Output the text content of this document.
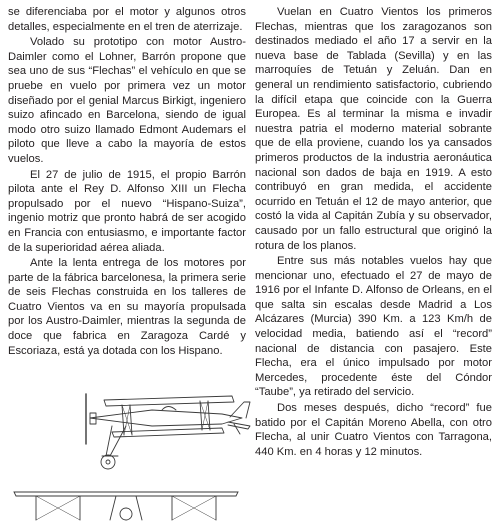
se diferenciaba por el motor y algunos otros detalles, especialmente en el tren de aterrizaje.

Volado su prototipo con motor Austro-Daimler como el Lohner, Barrón propone que sea uno de sus “Flechas” el vehículo en que se pruebe en vuelo por primera vez un motor diseñado por el genial Marcus Birkigt, ingeniero suizo afincado en Barcelona, siendo de igual modo otro suizo llamado Edmont Audemars el piloto que lleve a cabo la mayoría de estos vuelos.

El 27 de julio de 1915, el propio Barrón pilota ante el Rey D. Alfonso XIII un Flecha propulsado por el nuevo “Hispano-Suiza”, ingenio motriz que pronto habrá de ser acogido en Francia con entusiasmo, e importante factor de la superioridad aérea aliada.

Ante la lenta entrega de los motores por parte de la fábrica barcelonesa, la primera serie de seis Flechas construida en los talleres de Cuatro Vientos va en su mayoría propulsada por los Austro-Daimler, mientras la segunda de doce que fabrica en Zaragoza Cardé y Escoriaza, está ya dotada con los Hispano.

Vuelan en Cuatro Vientos los primeros Flechas, mientras que los zaragozanos son destinados mediado el año 17 a servir en la nueva base de Tablada (Sevilla) y en las marroquíes de Tetuán y Zeluán. Dan en general un rendimiento satisfactorio, cubriendo la difícil etapa que coincide con la Guerra Europea. Es al terminar la misma e invadir nuestra patria el moderno material sobrante que de ella proviene, cuando los ya cansados primeros productos de la industria aeronáutica nacional son dados de baja en 1919. A esto contribuyó en gran medida, el accidente ocurrido en Tetuán el 12 de mayo anterior, que costó la vida al Capitán Zubía y su observador, causado por un fallo estructural que originó la rotura de los planos.

Entre sus más notables vuelos hay que mencionar uno, efectuado el 27 de mayo de 1916 por el Infante D. Alfonso de Orleans, en el que salta sin escalas desde Madrid a Los Alcázares (Murcia) 390 Km. a 123 Km/h de velocidad media, batiendo así el “record” nacional de distancia con pasajero. Este Flecha, era el único impulsado por motor Mercedes, procedente éste del Cóndor “Taube”, ya retirado del servicio.

Dos meses después, dicho “record” fue batido por el Capitán Moreno Abella, con otro Flecha, al unir Cuatro Vientos con Tarragona, 440 Km. en 4 horas y 12 minutos.
